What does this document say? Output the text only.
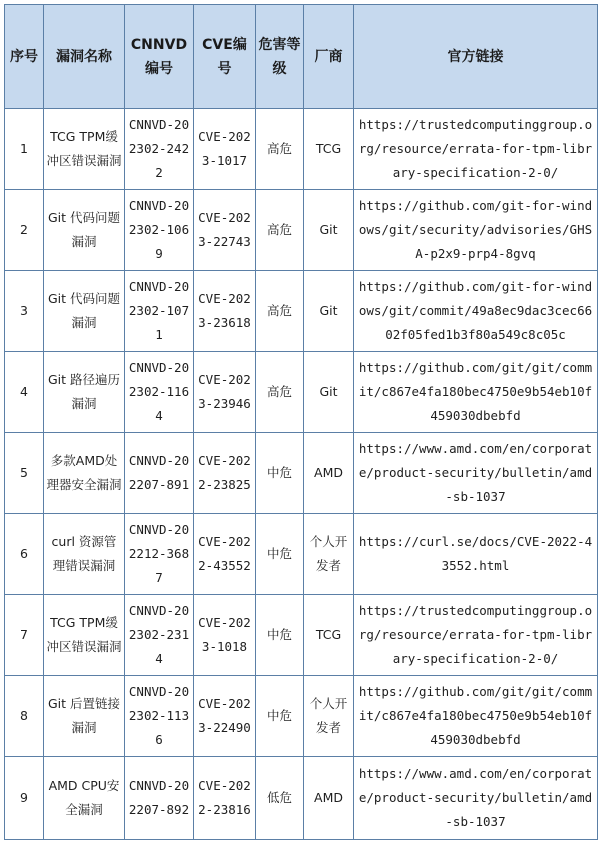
序号	漏洞名称	CNNVD编号	CVE编号	危害等级	厂商	官方链接
1	TCG TPM缓冲区错误漏洞	CNNVD-202302-2422	CVE-2023-1017	高危	TCG	https://trustedcomputinggroup.org/resource/errata-for-tpm-library-specification-2-0/
2	Git 代码问题漏洞	CNNVD-202302-1069	CVE-2023-22743	高危	Git	https://github.com/git-for-windows/git/security/advisories/GHSA-p2x9-prp4-8gvq
3	Git 代码问题漏洞	CNNVD-202302-1071	CVE-2023-23618	高危	Git	https://github.com/git-for-windows/git/commit/49a8ec9dac3cec6602f05fed1b3f80a549c8c05c
4	Git 路径遍历漏洞	CNNVD-202302-1164	CVE-2023-23946	高危	Git	https://github.com/git/git/commit/c867e4fa180bec4750e9b54eb10f459030dbebfd
5	多款AMD处理器安全漏洞	CNNVD-202207-891	CVE-2022-23825	中危	AMD	https://www.amd.com/en/corporate/product-security/bulletin/amd-sb-1037
6	curl 资源管理错误漏洞	CNNVD-202212-3687	CVE-2022-43552	中危	个人开发者	https://curl.se/docs/CVE-2022-43552.html
7	TCG TPM缓冲区错误漏洞	CNNVD-202302-2314	CVE-2023-1018	中危	TCG	https://trustedcomputinggroup.org/resource/errata-for-tpm-library-specification-2-0/
8	Git 后置链接漏洞	CNNVD-202302-1136	CVE-2023-22490	中危	个人开发者	https://github.com/git/git/commit/c867e4fa180bec4750e9b54eb10f459030dbebfd
9	AMD CPU安全漏洞	CNNVD-202207-892	CVE-2022-23816	低危	AMD	https://www.amd.com/en/corporate/product-security/bulletin/amd-sb-1037
